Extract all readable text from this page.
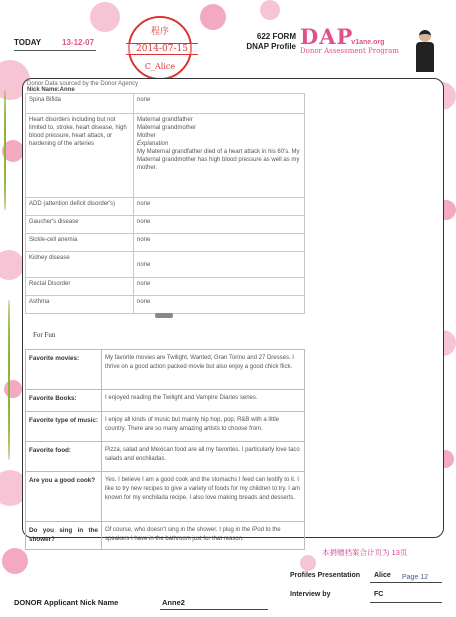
TODAY	13-12-07
程序
2014-07-15
C_Alice
622 FORM
DNAP Profile DAPv1ane.org
Donor Assessment Program
Donor Data sourced by the Donor Agency
Nick Name:Anne
Spina Bifida	none
Heart disorders including but not limited to, stroke, heart disease, high blood pressure, heart attack, or hardening of the arteries	Maternal grandfather
Maternal grandmother
Mother
Explanation
My Maternal grandfather died of a heart attack in his 60's. My Maternal grandmother has high blood pressure as well as my mother.

ADD (attention deficit disorder's)	none
Gaucher's disease	none
Sickle-cell anemia	none
Kidney disease	none
Rectal Disorder	none
Asthma	none
For Fun
Favorite movies:	My favorite movies are Twilight, Wanted, Gran Torino and 27 Dresses. I thrive on a good action packed movie but also enjoy a good chick flick.
Favorite Books:	I enjoyed reading the Twilight and Vampire Diaries series.
Favorite type of music:	I enjoy all kinds of music but mainly hip hop, pop, R&B with a little country. There are so many amazing artists to choose from.
Favorite food:	Pizza, salad and Mexican food are all my favorites. I particularly love taco salads and enchiladas.
Are you a good cook?	Yes. I believe I am a good cook and the stomachs I feed can testify to it. I like to try new recipes to give a variety of foods for my children to try. I am known for my enchilada recipe. I also love making breads and desserts.
Do you sing in the shower?	Of course, who doesn't sing in the shower. I plug in the iPod to the speakers I have in the bathroom just for that reason.
本捐赠档案合计页为 13页
Profiles Presentation Alice Page 12
Interview by	FC
DONOR Applicant Nick Name	Anne2
